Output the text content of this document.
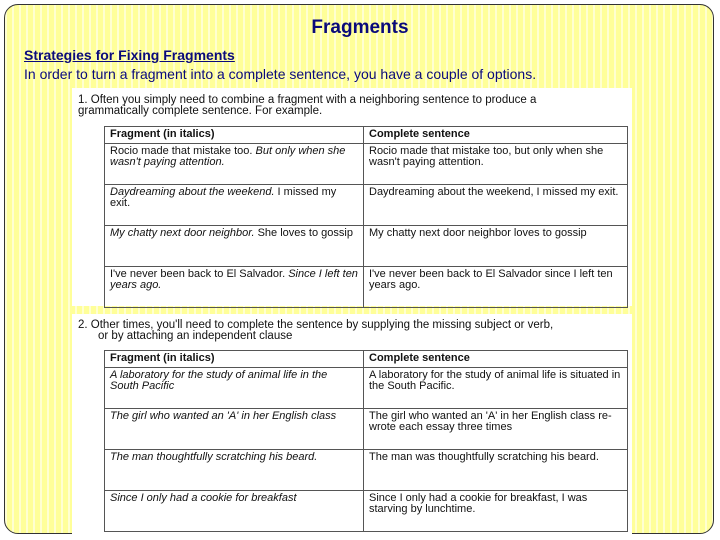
Fragments
Strategies for Fixing Fragments
In order to turn a fragment into a complete sentence, you have a couple of options.
1. Often you simply need to combine a fragment with a neighboring sentence to produce a
grammatically complete sentence. For example.
Fragment (in italics)	Complete sentence
Rocio made that mistake too. But only when she wasn't paying attention.	Rocio made that mistake too, but only when she wasn't paying attention.
Daydreaming about the weekend. I missed my exit.	Daydreaming about the weekend, I missed my exit.
My chatty next door neighbor. She loves to gossip	My chatty next door neighbor loves to gossip
I've never been back to El Salvador. Since I left ten years ago.	I've never been back to El Salvador since I left ten years ago.
2. Other times, you'll need to complete the sentence by supplying the missing subject or verb,
or by attaching an independent clause
Fragment (in italics)	Complete sentence
A laboratory for the study of animal life in the South Pacific	A laboratory for the study of animal life is situated in the South Pacific.
The girl who wanted an 'A' in her English class	The girl who wanted an 'A' in her English class re-wrote each essay three times
The man thoughtfully scratching his beard.	The man was thoughtfully scratching his beard.
Since I only had a cookie for breakfast	Since I only had a cookie for breakfast, I was starving by lunchtime.
